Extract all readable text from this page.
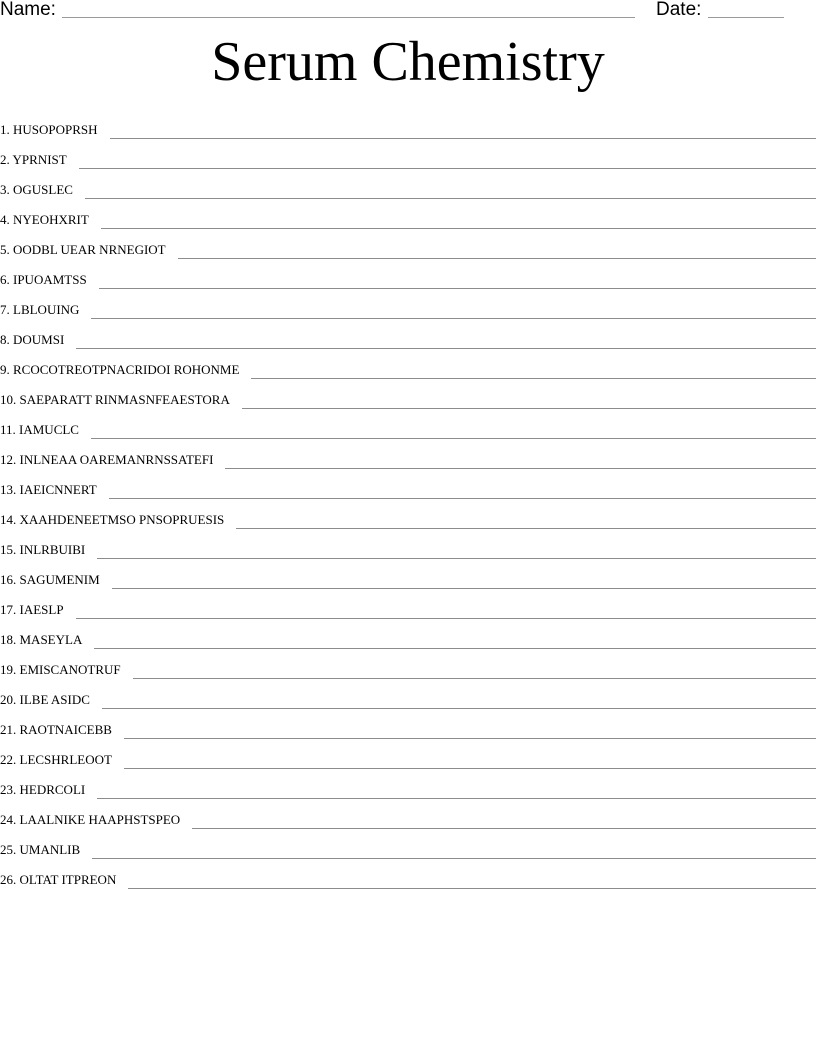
Name:	Date:
Serum Chemistry
1. HUSOPOPRSH
2. YPRNIST
3. OGUSLEC
4. NYEOHXRIT
5. OODBL UEAR NRNEGIOT
6. IPUOAMTSS
7. LBLOUING
8. DOUMSI
9. RCOCOTREOTPNACRIDOI ROHONME
10. SAEPARATT RINMASNFEAESTORA
11. IAMUCLC
12. INLNEAA OAREMANRNSSATEFI
13. IAEICNNERT
14. XAAHDENEETMSO PNSOPRUESIS
15. INLRBUIBI
16. SAGUMENIM
17. IAESLP
18. MASEYLA
19. EMISCANOTRUF
20. ILBE ASIDC
21. RAOTNAICEBB
22. LECSHRLEOOT
23. HEDRCOLI
24. LAALNIKE HAAPHSTSPEO
25. UMANLIB
26. OLTAT ITPREON
